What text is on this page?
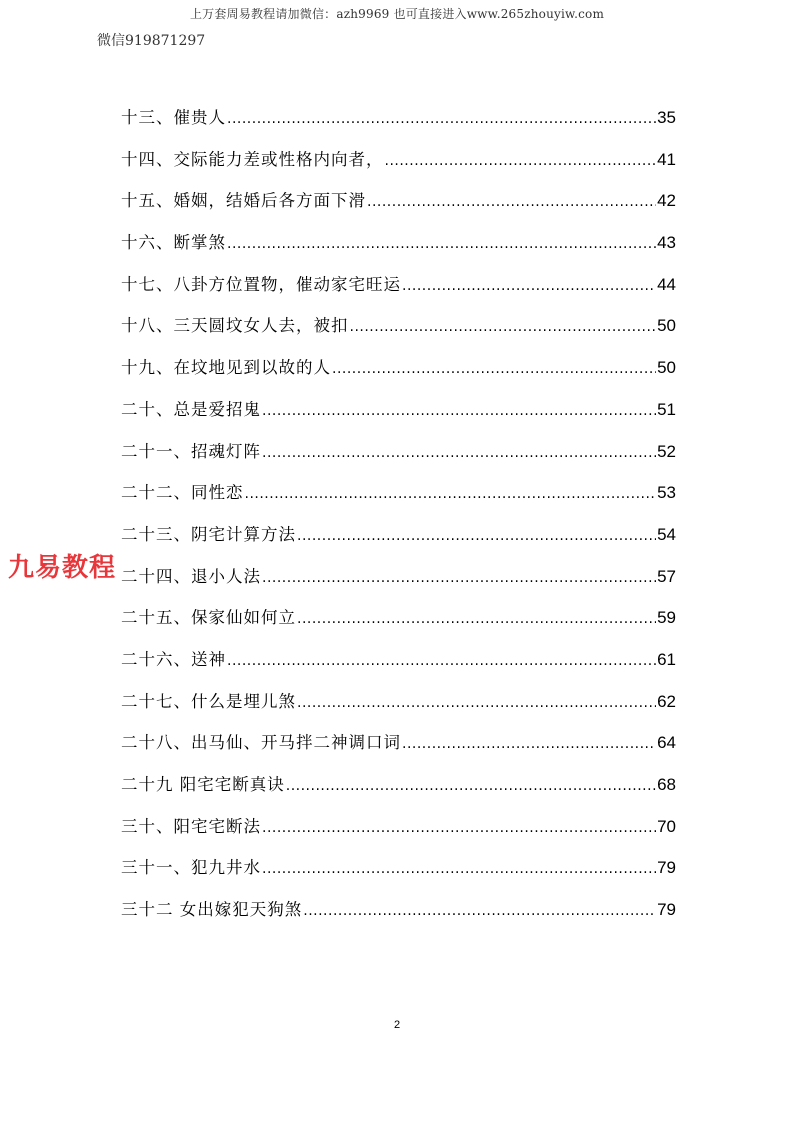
上万套周易教程请加微信：azh9969 也可直接进入www.265zhouyiw.com
微信919871297
十三、催贵人 .....	35
十四、交际能力差或性格内向者， .....	41
十五、婚姻，结婚后各方面下滑 .....	42
十六、断掌煞 .....	43
十七、八卦方位置物，催动家宅旺运 .....	44
十八、三天圆坟女人去，被扣 .....	50
十九、在坟地见到以故的人 .....	50
二十、总是爱招鬼 .....	51
二十一、招魂灯阵 .....	52
二十二、同性恋 .....	53
二十三、阴宅计算方法 .....	54
二十四、退小人法 .....	57
二十五、保家仙如何立 .....	59
二十六、送神 .....	61
二十七、什么是埋儿煞 .....	62
二十八、出马仙、开马拌二神调口词 .....	64
二十九 阳宅宅断真诀 .....	68
三十、阳宅宅断法 .....	70
三十一、犯九井水 .....	79
三十二 女出嫁犯天狗煞 .....	79
九易教程
2
